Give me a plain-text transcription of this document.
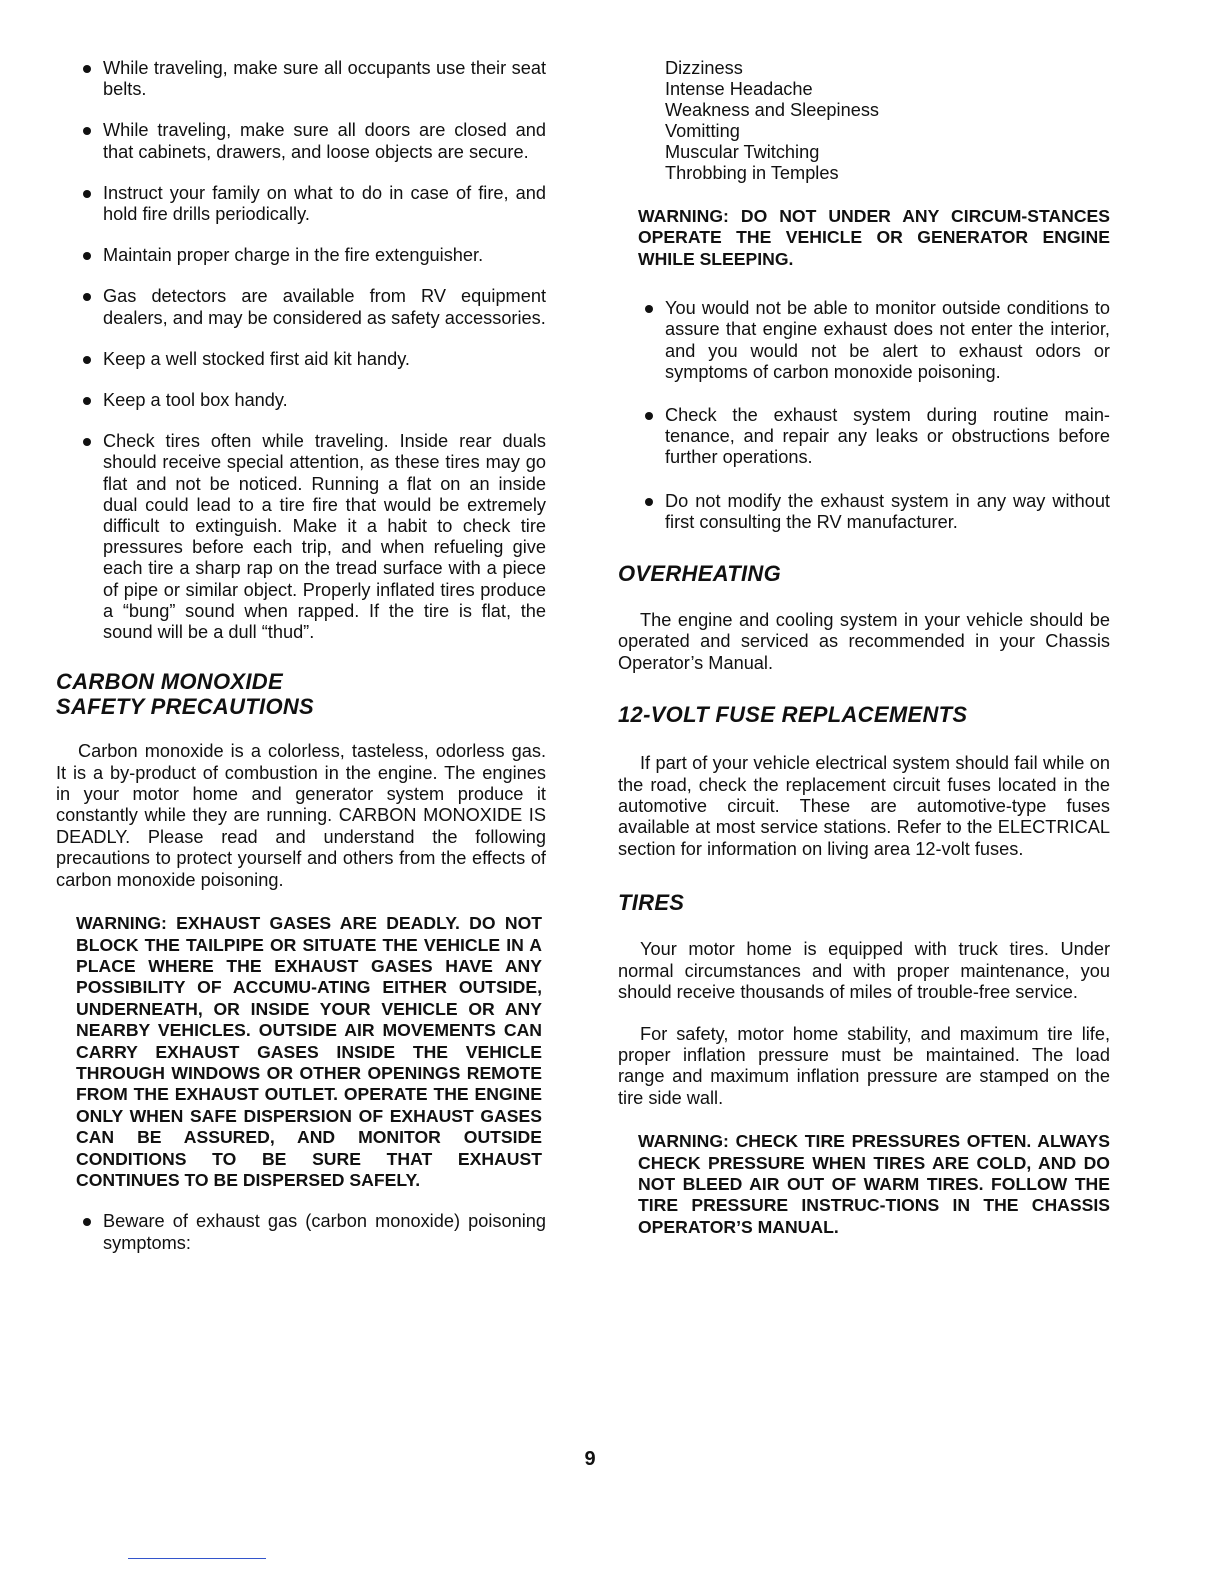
While traveling, make sure all occupants use their seat belts.
While traveling, make sure all doors are closed and that cabinets, drawers, and loose objects are secure.
Instruct your family on what to do in case of fire, and hold fire drills periodically.
Maintain proper charge in the fire extenguisher.
Gas detectors are available from RV equipment dealers, and may be considered as safety accessories.
Keep a well stocked first aid kit handy.
Keep a tool box handy.
Check tires often while traveling. Inside rear duals should receive special attention, as these tires may go flat and not be noticed. Running a flat on an inside dual could lead to a tire fire that would be extremely difficult to extinguish. Make it a habit to check tire pressures before each trip, and when refueling give each tire a sharp rap on the tread surface with a piece of pipe or similar object. Properly inflated tires produce a “bung” sound when rapped. If the tire is flat, the sound will be a dull “thud”.
CARBON MONOXIDE
SAFETY PRECAUTIONS

Carbon monoxide is a colorless, tasteless, odorless gas. It is a by-product of combustion in the engine. The engines in your motor home and generator system produce it constantly while they are running. CARBON MONOXIDE IS DEADLY. Please read and understand the following precautions to protect yourself and others from the effects of carbon monoxide poisoning.

WARNING: EXHAUST GASES ARE DEADLY. DO NOT BLOCK THE TAILPIPE OR SITUATE THE VEHICLE IN A PLACE WHERE THE EXHAUST GASES HAVE ANY POSSIBILITY OF ACCUMU-ATING EITHER OUTSIDE, UNDERNEATH, OR INSIDE YOUR VEHICLE OR ANY NEARBY VEHICLES. OUTSIDE AIR MOVEMENTS CAN CARRY EXHAUST GASES INSIDE THE VEHICLE THROUGH WINDOWS OR OTHER OPENINGS REMOTE FROM THE EXHAUST OUTLET. OPERATE THE ENGINE ONLY WHEN SAFE DISPERSION OF EXHAUST GASES CAN BE ASSURED, AND MONITOR OUTSIDE CONDITIONS TO BE SURE THAT EXHAUST CONTINUES TO BE DISPERSED SAFELY.

Beware of exhaust gas (carbon monoxide) poisoning symptoms:
Dizziness
Intense Headache
Weakness and Sleepiness
Vomitting
Muscular Twitching
Throbbing in Temples

WARNING: DO NOT UNDER ANY CIRCUM-STANCES OPERATE THE VEHICLE OR GENERATOR ENGINE WHILE SLEEPING.

You would not be able to monitor outside conditions to assure that engine exhaust does not enter the interior, and you would not be alert to exhaust odors or symptoms of carbon monoxide poisoning.
Check the exhaust system during routine main-tenance, and repair any leaks or obstructions before further operations.
Do not modify the exhaust system in any way without first consulting the RV manufacturer.
OVERHEATING

The engine and cooling system in your vehicle should be operated and serviced as recommended in your Chassis Operator’s Manual.

12-VOLT FUSE REPLACEMENTS

If part of your vehicle electrical system should fail while on the road, check the replacement circuit fuses located in the automotive circuit. These are automotive-type fuses available at most service stations. Refer to the ELECTRICAL section for information on living area 12-volt fuses.

TIRES

Your motor home is equipped with truck tires. Under normal circumstances and with proper maintenance, you should receive thousands of miles of trouble-free service.

For safety, motor home stability, and maximum tire life, proper inflation pressure must be maintained. The load range and maximum inflation pressure are stamped on the tire side wall.

WARNING: CHECK TIRE PRESSURES OFTEN. ALWAYS CHECK PRESSURE WHEN TIRES ARE COLD, AND DO NOT BLEED AIR OUT OF WARM TIRES. FOLLOW THE TIRE PRESSURE INSTRUC-TIONS IN THE CHASSIS OPERATOR’S MANUAL.

9
